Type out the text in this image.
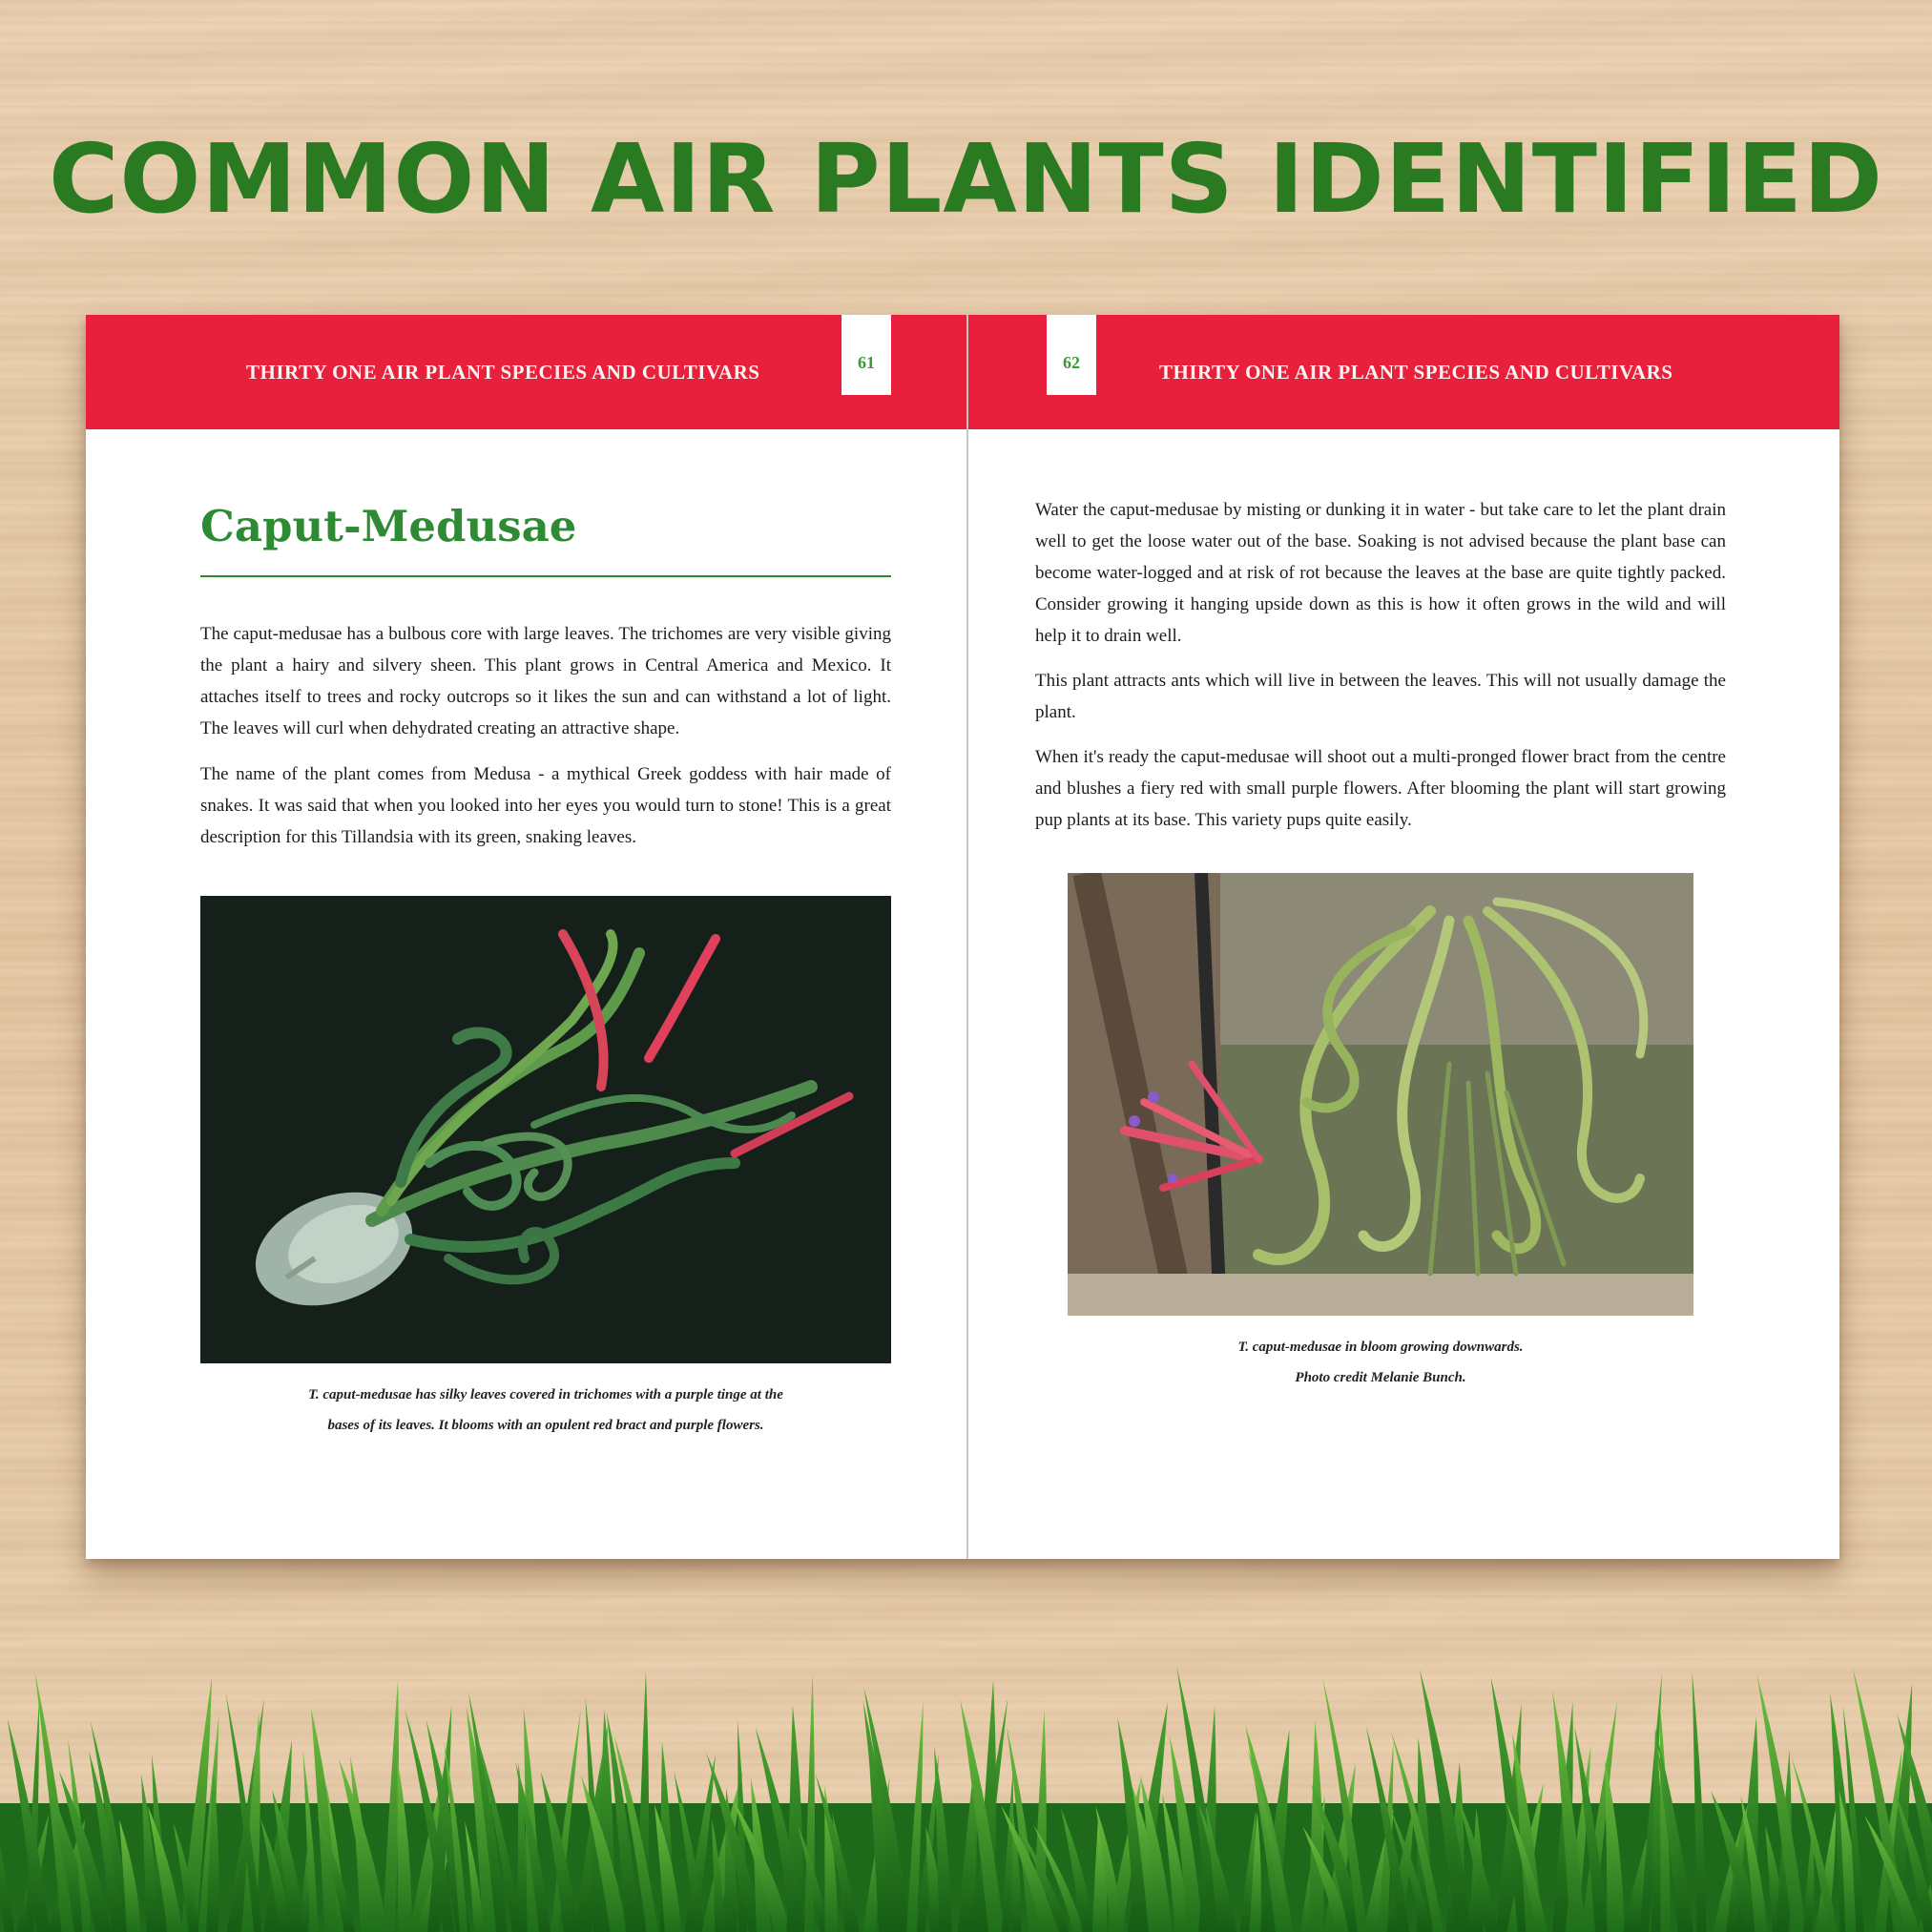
COMMON AIR PLANTS IDENTIFIED
THIRTY ONE AIR PLANT SPECIES AND CULTIVARS	61
Caput-Medusae

The caput-medusae has a bulbous core with large leaves. The trichomes are very visible giving the plant a hairy and silvery sheen. This plant grows in Central America and Mexico. It attaches itself to trees and rocky outcrops so it likes the sun and can withstand a lot of light. The leaves will curl when dehydrated creating an attractive shape.

The name of the plant comes from Medusa - a mythical Greek goddess with hair made of snakes. It was said that when you looked into her eyes you would turn to stone! This is a great description for this Tillandsia with its green, snaking leaves.

T. caput-medusae has silky leaves covered in trichomes with a purple tinge at the
bases of its leaves. It blooms with an opulent red bract and purple flowers.

62	THIRTY ONE AIR PLANT SPECIES AND CULTIVARS

Water the caput-medusae by misting or dunking it in water - but take care to let the plant drain well to get the loose water out of the base. Soaking is not advised because the plant base can become water-logged and at risk of rot because the leaves at the base are quite tightly packed. Consider growing it hanging upside down as this is how it often grows in the wild and will help it to drain well.

This plant attracts ants which will live in between the leaves. This will not usually damage the plant.

When it's ready the caput-medusae will shoot out a multi-pronged flower bract from the centre and blushes a fiery red with small purple flowers. After blooming the plant will start growing pup plants at its base. This variety pups quite easily.

T. caput-medusae in bloom growing downwards.
Photo credit Melanie Bunch.
